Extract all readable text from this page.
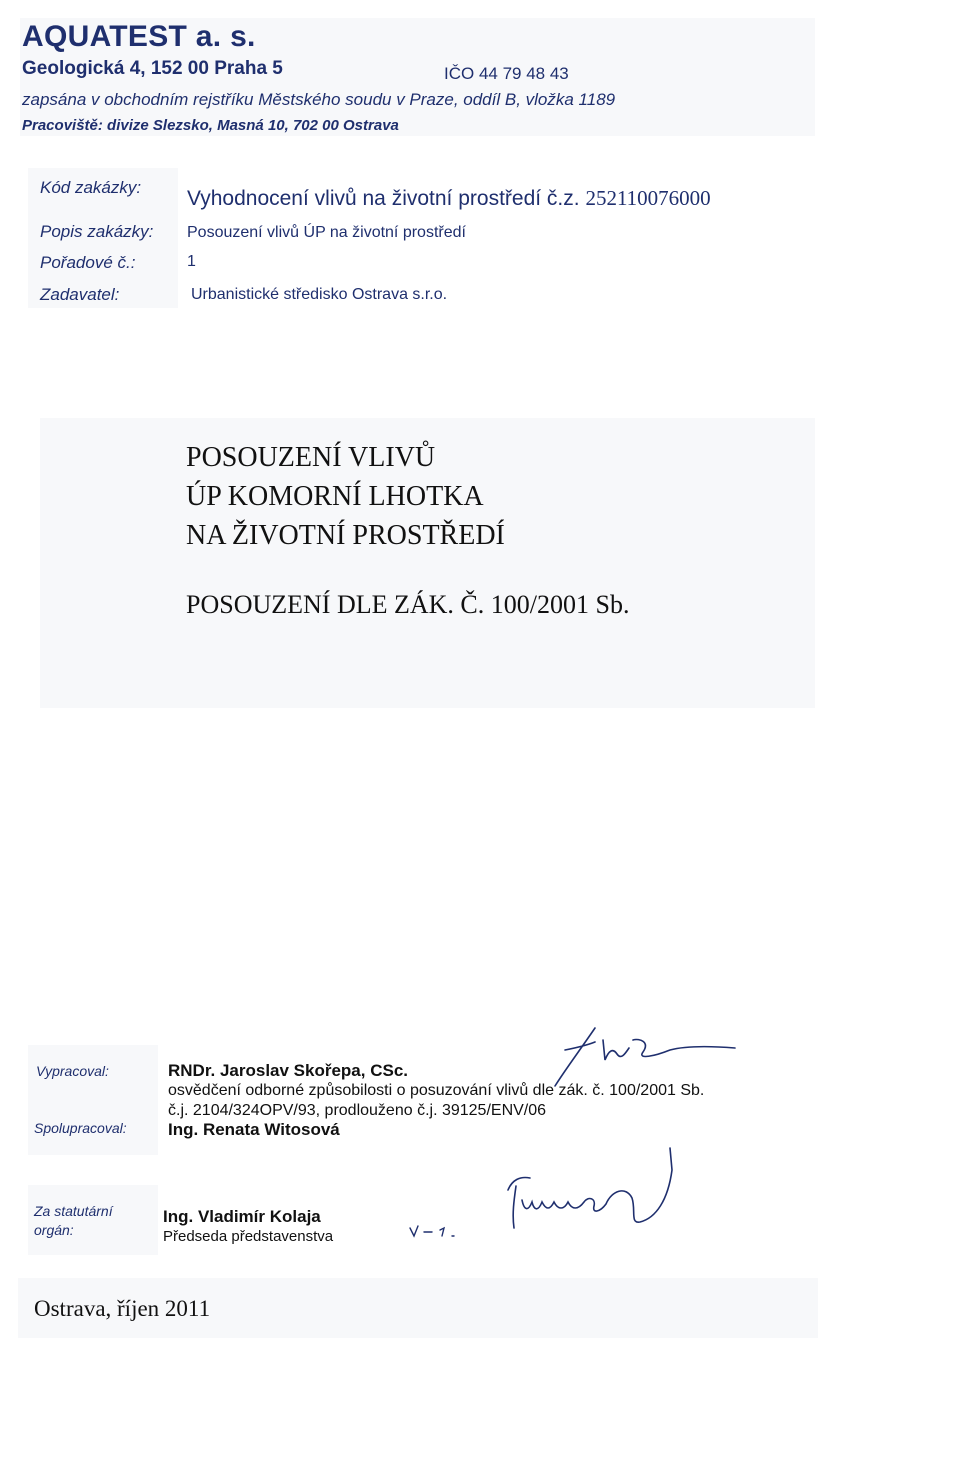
AQUATEST a. s.
Geologická 4, 152 00 Praha 5	IČO 44 79 48 43
zapsána v obchodním rejstříku Městského soudu v Praze, oddíl B, vložka 1189
Pracoviště: divize Slezsko, Masná 10, 702 00 Ostrava
Kód zakázky: Vyhodnocení vlivů na životní prostředí č.z. 252110076000
Popis zakázky: Posouzení vlivů ÚP na životní prostředí
Pořadové č.:	1
Zadavatel:	Urbanistické středisko Ostrava s.r.o.
POSOUZENÍ VLIVŮ
ÚP KOMORNÍ LHOTKA
NA ŽIVOTNÍ PROSTŘEDÍ
POSOUZENÍ DLE ZÁK. Č. 100/2001 Sb.
Vypracoval:	RNDr. Jaroslav Skořepa, CSc.
osvědčení odborné způsobilosti o posuzování vlivů dle zák. č. 100/2001 Sb.
č.j. 2104/324OPV/93, prodlouženo č.j. 39125/ENV/06
Spolupracoval: Ing. Renata Witosová
Za statutární
orgán:
Ing. Vladimír Kolaja
Předseda představenstva
Ostrava, říjen 2011
